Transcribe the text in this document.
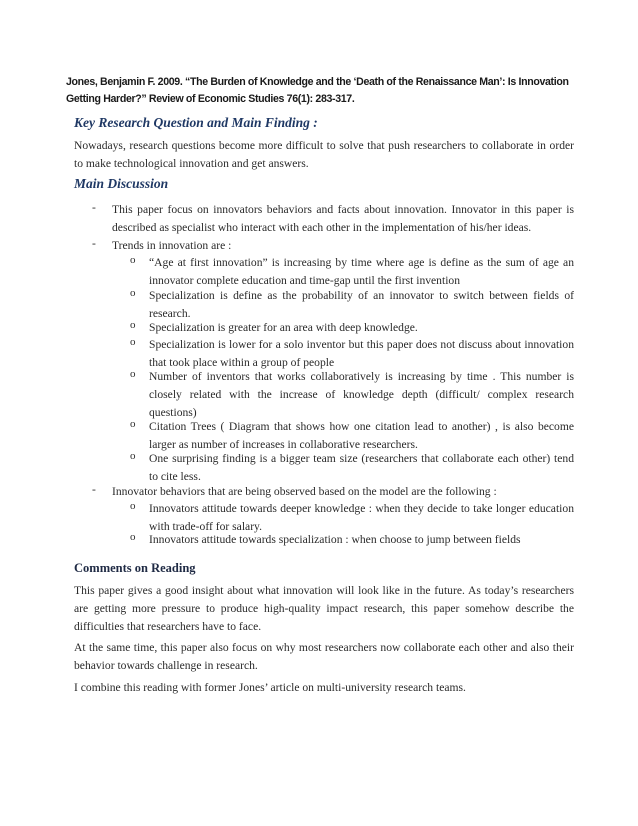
Jones, Benjamin F. 2009. “The Burden of Knowledge and the ‘Death of the Renaissance Man’: Is Innovation Getting Harder?” Review of Economic Studies 76(1): 283-317.
Key Research Question and Main Finding :
Nowadays, research questions become more difficult to solve that push researchers to collaborate in order to make technological innovation and get answers.
Main Discussion
- This paper focus on innovators behaviors and facts about innovation. Innovator in this paper is described as specialist who interact with each other in the implementation of his/her ideas.
- Trends in innovation are :
o “Age at first innovation” is increasing by time where age is define as the sum of age an innovator complete education and time-gap until the first invention
o Specialization is define as the probability of an innovator to switch between fields of research.
o Specialization is greater for an area with deep knowledge.
o Specialization is lower for a solo inventor but this paper does not discuss about innovation that took place within a group of people
o Number of inventors that works collaboratively is increasing by time . This number is closely related with the increase of knowledge depth (difficult/ complex research questions)
o Citation Trees ( Diagram that shows how one citation lead to another) , is also become larger as number of increases in collaborative researchers.
o One surprising finding is a bigger team size (researchers that collaborate each other) tend to cite less.
- Innovator behaviors that are being observed based on the model are the following :
o Innovators attitude towards deeper knowledge : when they decide to take longer education with trade-off for salary.
o Innovators attitude towards specialization : when choose to jump between fields
Comments on Reading
This paper gives a good insight about what innovation will look like in the future. As today’s researchers are getting more pressure to produce high-quality impact research, this paper somehow describe the difficulties that researchers have to face.
At the same time, this paper also focus on why most researchers now collaborate each other and also their behavior towards challenge in research.
I combine this reading with former Jones’ article on multi-university research teams.
